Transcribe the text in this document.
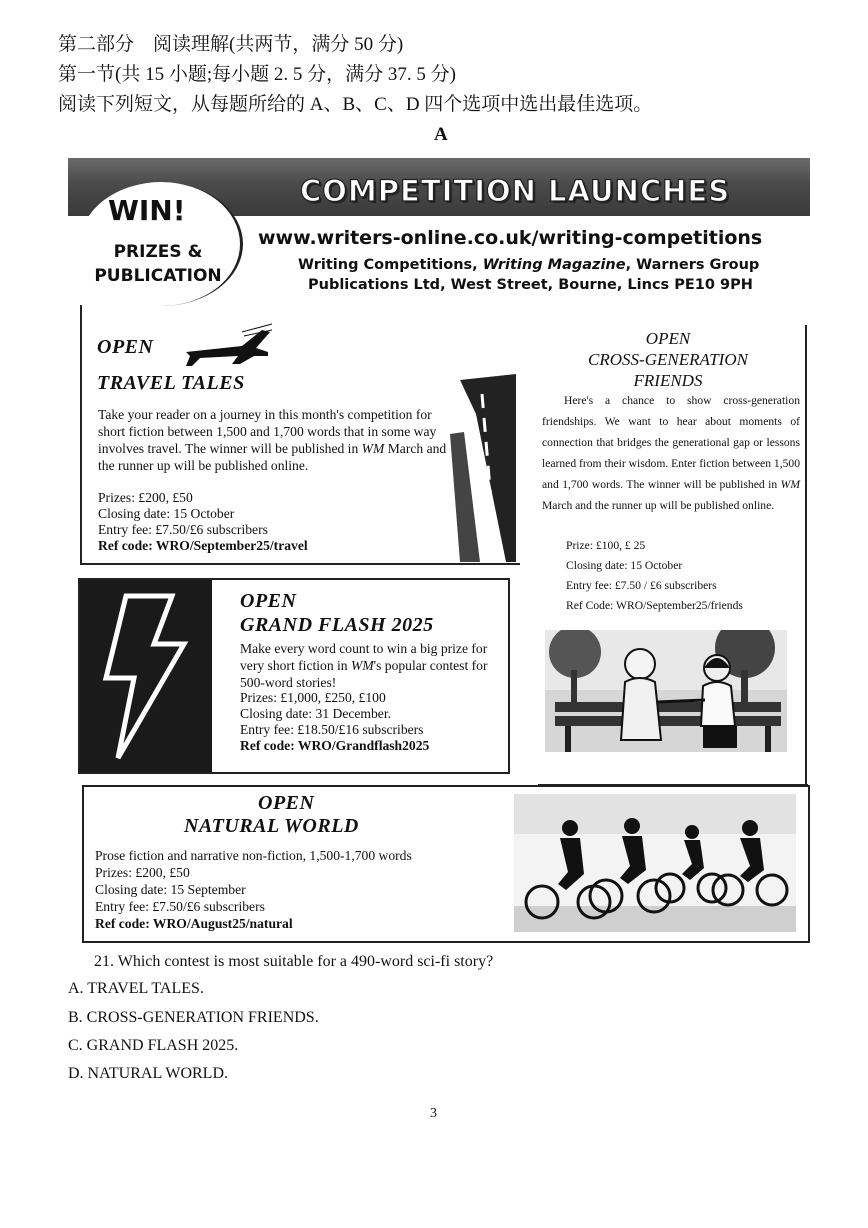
第二部分　阅读理解(共两节，满分 50 分)
第一节(共 15 小题;每小题 2. 5 分，满分 37. 5 分)
阅读下列短文，从每题所给的 A、B、C、D 四个选项中选出最佳选项。
A
COMPETITION LAUNCHES
WIN!
PRIZES &
PUBLICATION
www.writers-online.co.uk/writing-competitions
Writing Competitions, Writing Magazine, Warners Group
Publications Ltd, West Street, Bourne, Lincs PE10 9PH
OPEN
TRAVEL TALES
Take your reader on a journey in this month's competition for short fiction between 1,500 and 1,700 words that in some way involves travel. The winner will be published in WM March and the runner up will be published online.
Prizes: £200, £50
Closing date: 15 October
Entry fee: £7.50/£6 subscribers
Ref code: WRO/September25/travel
OPEN
CROSS-GENERATION
FRIENDS
Here's a chance to show cross-generation friendships. We want to hear about moments of connection that bridges the generational gap or lessons learned from their wisdom. Enter fiction between 1,500 and 1,700 words. The winner will be published in WM March and the runner up will be published online.
Prize: £100, £ 25
Closing date: 15 October
Entry fee: £7.50 / £6 subscribers
Ref Code: WRO/September25/friends
OPEN
GRAND FLASH 2025
Make every word count to win a big prize for very short fiction in WM's popular contest for 500-word stories!
Prizes: £1,000, £250, £100
Closing date: 31 December.
Entry fee: £18.50/£16 subscribers
Ref code: WRO/Grandflash2025
OPEN
NATURAL WORLD
Prose fiction and narrative non-fiction, 1,500-1,700 words
Prizes: £200, £50
Closing date: 15 September
Entry fee: £7.50/£6 subscribers
Ref code: WRO/August25/natural
21. Which contest is most suitable for a 490-word sci-fi story?
A. TRAVEL TALES.
B. CROSS-GENERATION FRIENDS.
C. GRAND FLASH 2025.
D. NATURAL WORLD.
3
